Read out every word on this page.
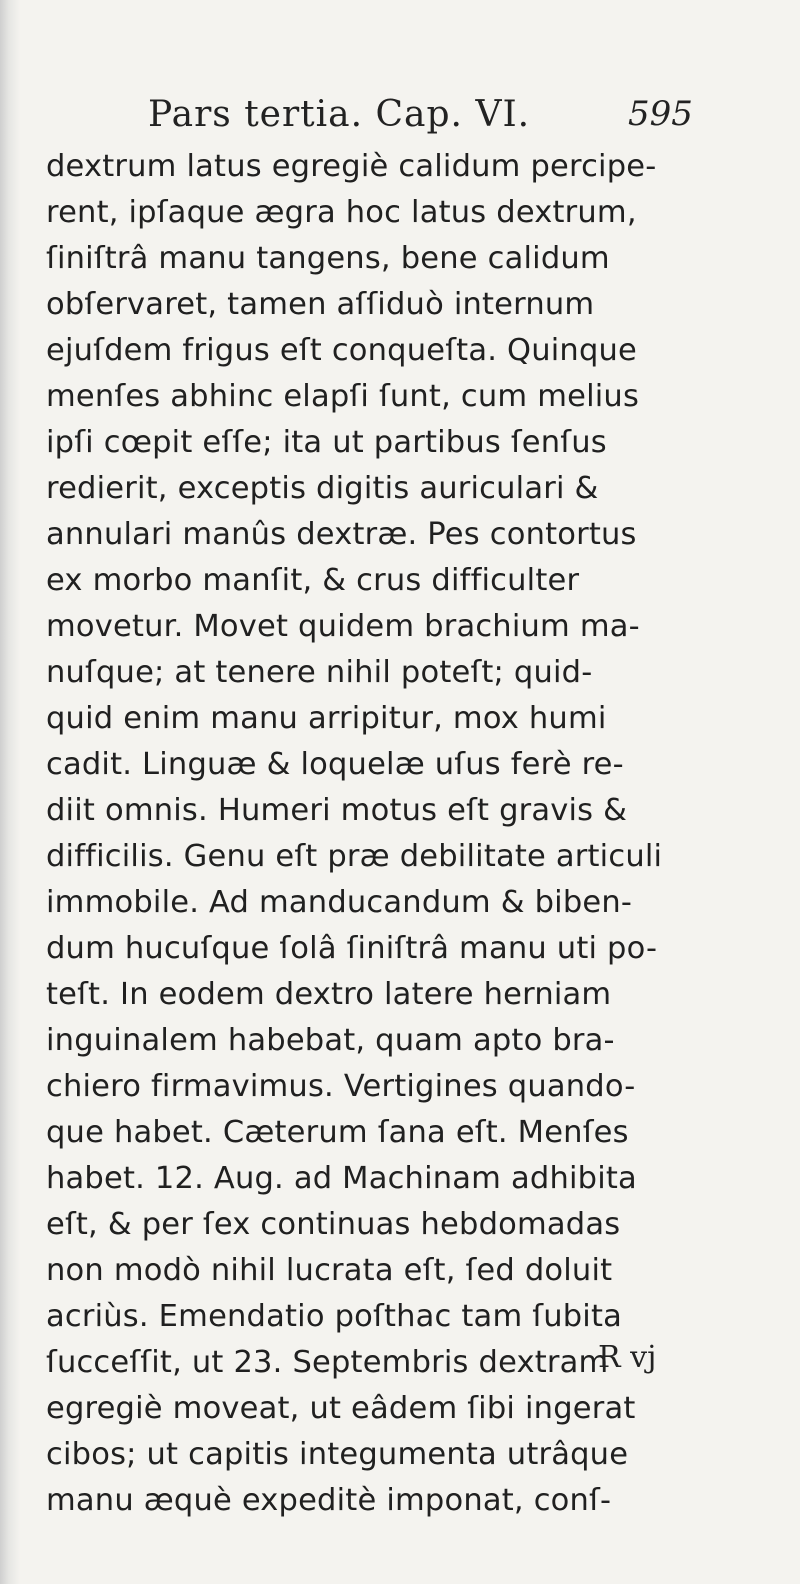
Pars tertia. Cap. VI.	595
dextrum latus egregiè calidum percipe-
rent, ipſaque ægra hoc latus dextrum,
ſiniſtrâ manu tangens, bene calidum
obſervaret, tamen aſſiduò internum
ejuſdem frigus eſt conqueſta. Quinque
menſes abhinc elapſi ſunt, cum melius
ipſi cœpit eſſe; ita ut partibus ſenſus
redierit, exceptis digitis auriculari &
annulari manûs dextræ. Pes contortus
ex morbo manſit, & crus difficulter
movetur. Movet quidem brachium ma-
nuſque; at tenere nihil poteſt; quid-
quid enim manu arripitur, mox humi
cadit. Linguæ & loquelæ uſus ferè re-
diit omnis. Humeri motus eſt gravis &
difficilis. Genu eſt præ debilitate articuli
immobile. Ad manducandum & biben-
dum hucuſque ſolâ ſiniſtrâ manu uti po-
teſt. In eodem dextro latere herniam
inguinalem habebat, quam apto bra-
chiero firmavimus. Vertigines quando-
que habet. Cæterum ſana eſt. Menſes
habet. 12. Aug. ad Machinam adhibita
eſt, & per ſex continuas hebdomadas
non modò nihil lucrata eſt, ſed doluit
acriùs. Emendatio poſthac tam ſubita
ſucceſſit, ut 23. Septembris dextram
egregiè moveat, ut eâdem ſibi ingerat
cibos; ut capitis integumenta utrâque
manu æquè expeditè imponat, conſ-
R vj
